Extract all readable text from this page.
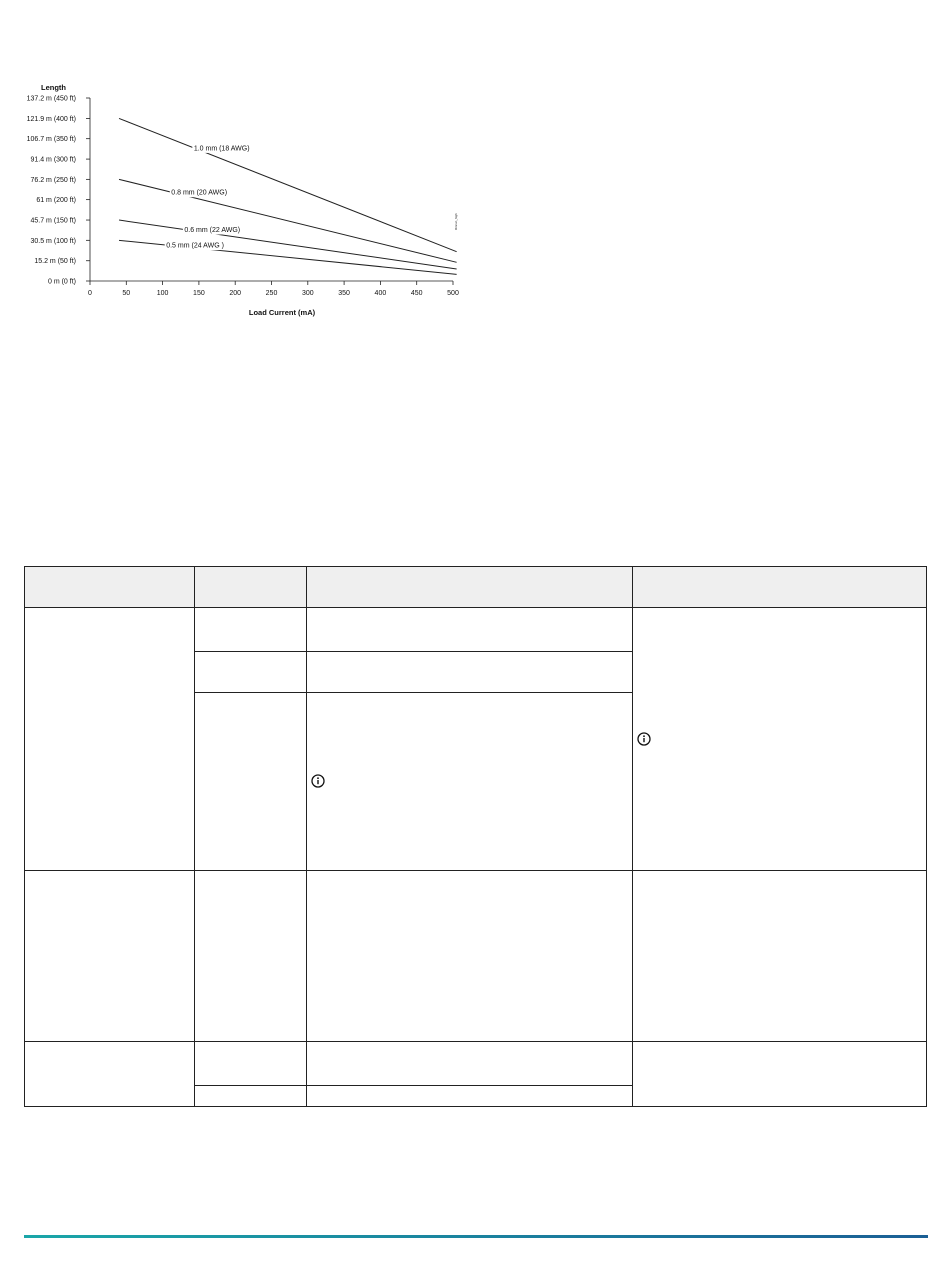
Length
0 m (0 ft)
15.2 m (50 ft)
30.5 m (100 ft)
45.7 m (150 ft)
61 m (200 ft)
76.2 m (250 ft)
91.4 m (300 ft)
106.7 m (350 ft)
121.9 m (400 ft)
137.2 m (450 ft)
0	50	100	150	200	250	300	350	400	450	500
1.0 mm (18 AWG)
0.8 mm (20 AWG)
0.6 mm (22 AWG)
0.5 mm (24 AWG )
Load Current (mA)
Rincon_high
